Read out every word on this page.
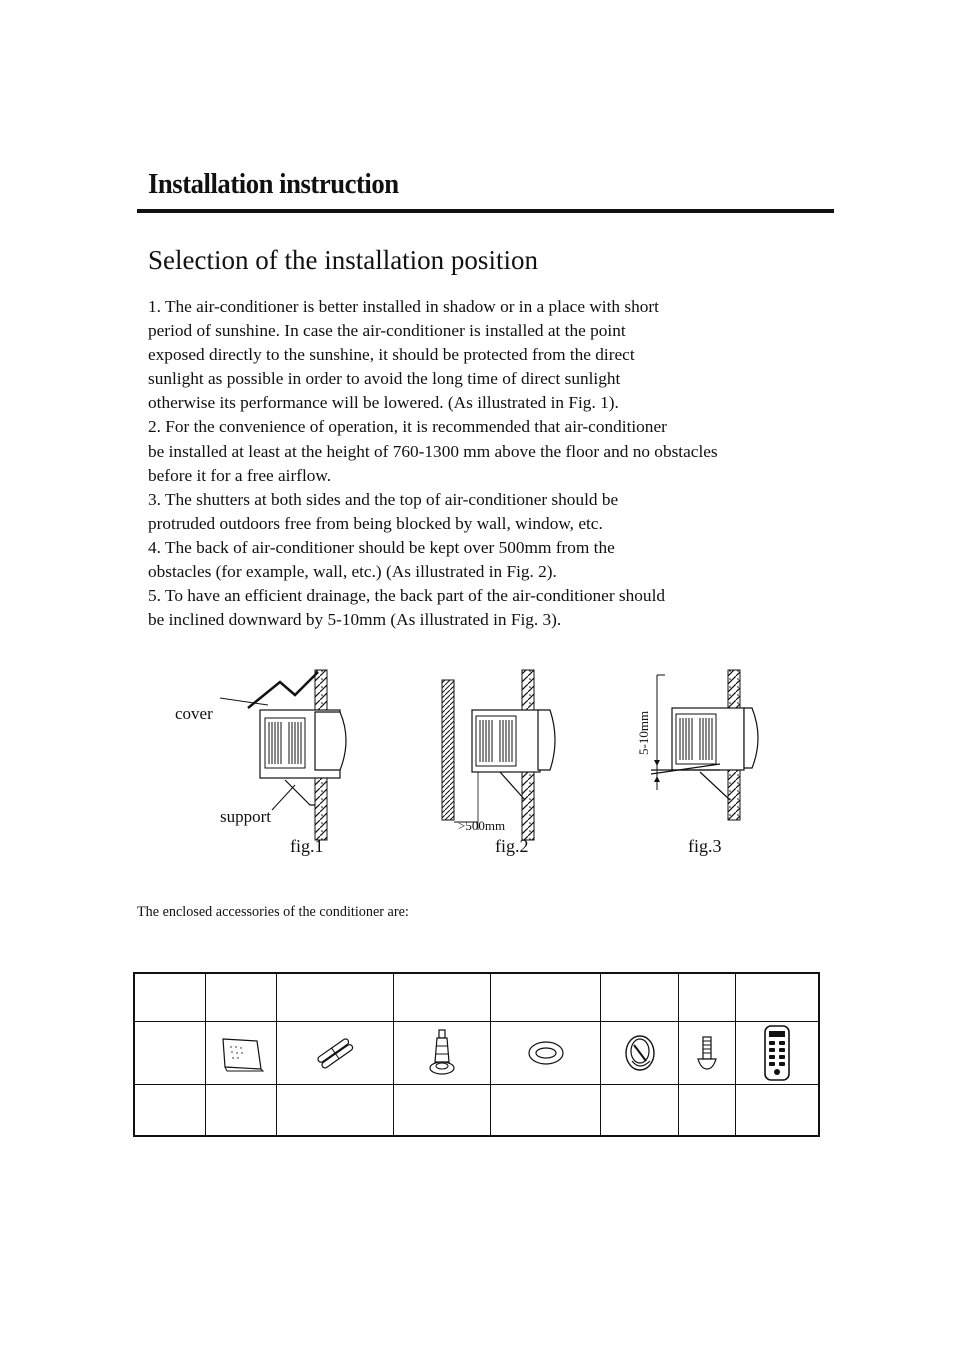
Installation instruction
Selection of the installation position

1. The air-conditioner is better installed in shadow or in a place with short

period of sunshine. In case the air-conditioner is installed at the point

exposed directly to the sunshine, it should be protected from the direct

sunlight as possible in order to avoid the long time of direct sunlight

otherwise its performance will be lowered. (As illustrated in Fig. 1).

2. For the convenience of operation, it is recommended that air-conditioner

be installed at least at the height of 760-1300 mm above the floor and no obstacles

before it for a free airflow.

3. The shutters at both sides and the top of air-conditioner should be

protruded outdoors free from being blocked by wall, window, etc.

4. The back of air-conditioner should be kept over 500mm from the

obstacles (for example, wall, etc.) (As illustrated in Fig. 2).

5. To have an efficient drainage, the back part of the air-conditioner should

be inclined downward by 5-10mm (As illustrated in Fig. 3).

cover
support	>500mm
5-10mm
fig.1	fig.2	fig.3
The enclosed accessories of the conditioner are:
